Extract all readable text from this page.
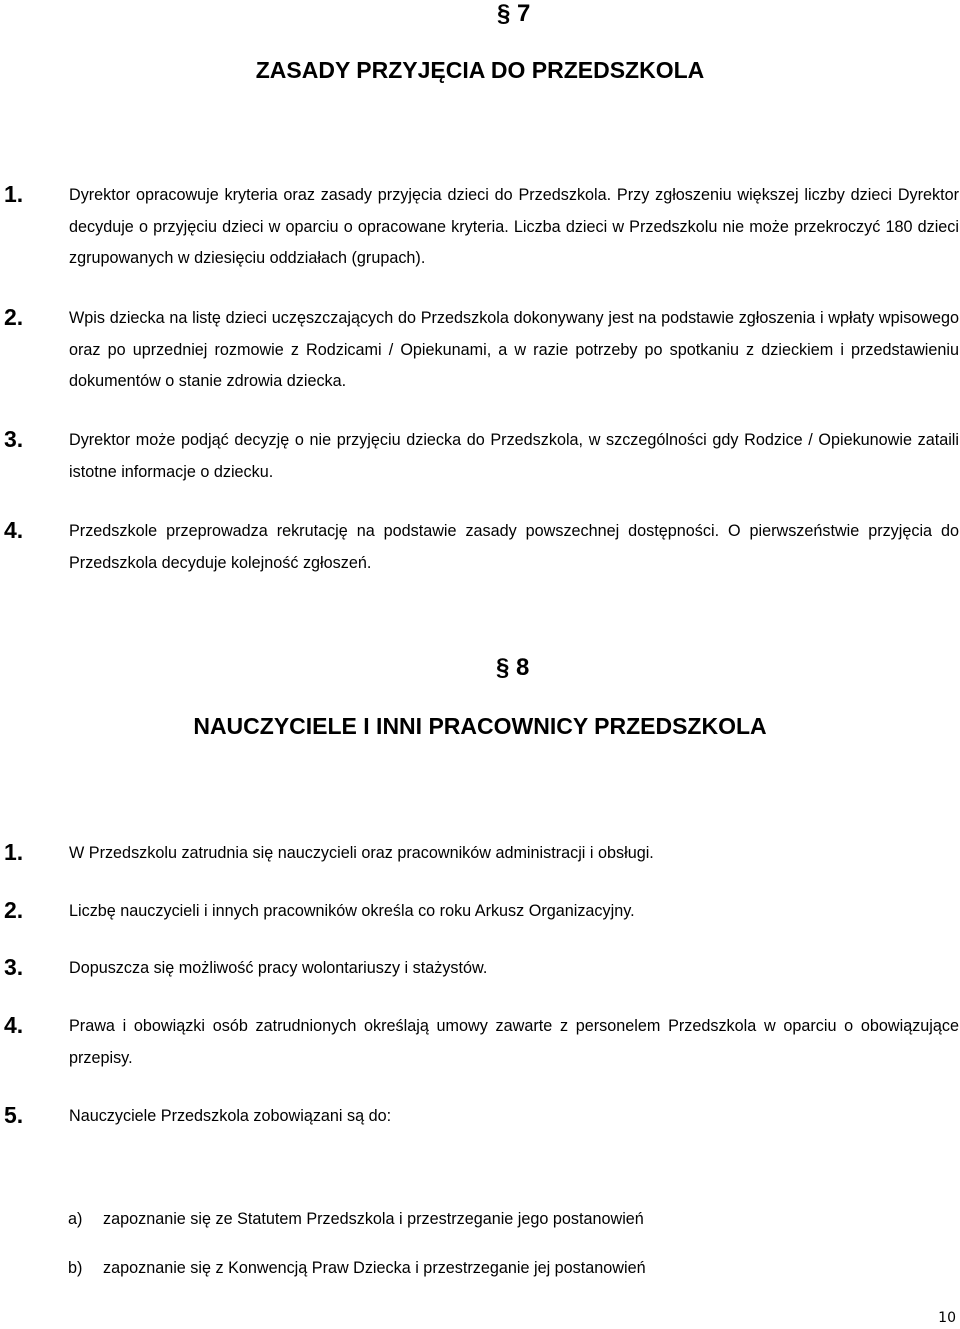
§ 7
ZASADY PRZYJĘCIA DO PRZEDSZKOLA
1.	Dyrektor opracowuje kryteria oraz zasady przyjęcia dzieci do Przedszkola. Przy zgłoszeniu większej liczby dzieci Dyrektor decyduje o przyjęciu dzieci w oparciu o opracowane kryteria. Liczba dzieci w Przedszkolu nie może przekroczyć 180 dzieci zgrupowanych w dziesięciu oddziałach (grupach).
2.	Wpis dziecka na listę dzieci uczęszczających do Przedszkola dokonywany jest na podstawie zgłoszenia i wpłaty wpisowego oraz po uprzedniej rozmowie z Rodzicami / Opiekunami, a w razie potrzeby po spotkaniu z dzieckiem i przedstawieniu dokumentów o stanie zdrowia dziecka.
3.	Dyrektor może podjąć decyzję o nie przyjęciu dziecka do Przedszkola, w szczególności gdy Rodzice / Opiekunowie zataili istotne informacje o dziecku.
4.	Przedszkole przeprowadza rekrutację na podstawie zasady powszechnej dostępności. O pierwszeństwie przyjęcia do Przedszkola decyduje kolejność zgłoszeń.
§ 8
NAUCZYCIELE I INNI PRACOWNICY PRZEDSZKOLA
1.	W Przedszkolu zatrudnia się nauczycieli oraz pracowników administracji i obsługi.
2.	Liczbę nauczycieli i innych pracowników określa co roku Arkusz Organizacyjny.
3.	Dopuszcza się możliwość pracy wolontariuszy i stażystów.
4.	Prawa i obowiązki osób zatrudnionych określają umowy zawarte z personelem Przedszkola w oparciu o obowiązujące przepisy.
5.	Nauczyciele Przedszkola zobowiązani są do:
a) zapoznanie się ze Statutem Przedszkola i przestrzeganie jego postanowień
b) zapoznanie się z Konwencją Praw Dziecka i przestrzeganie jej postanowień
10
